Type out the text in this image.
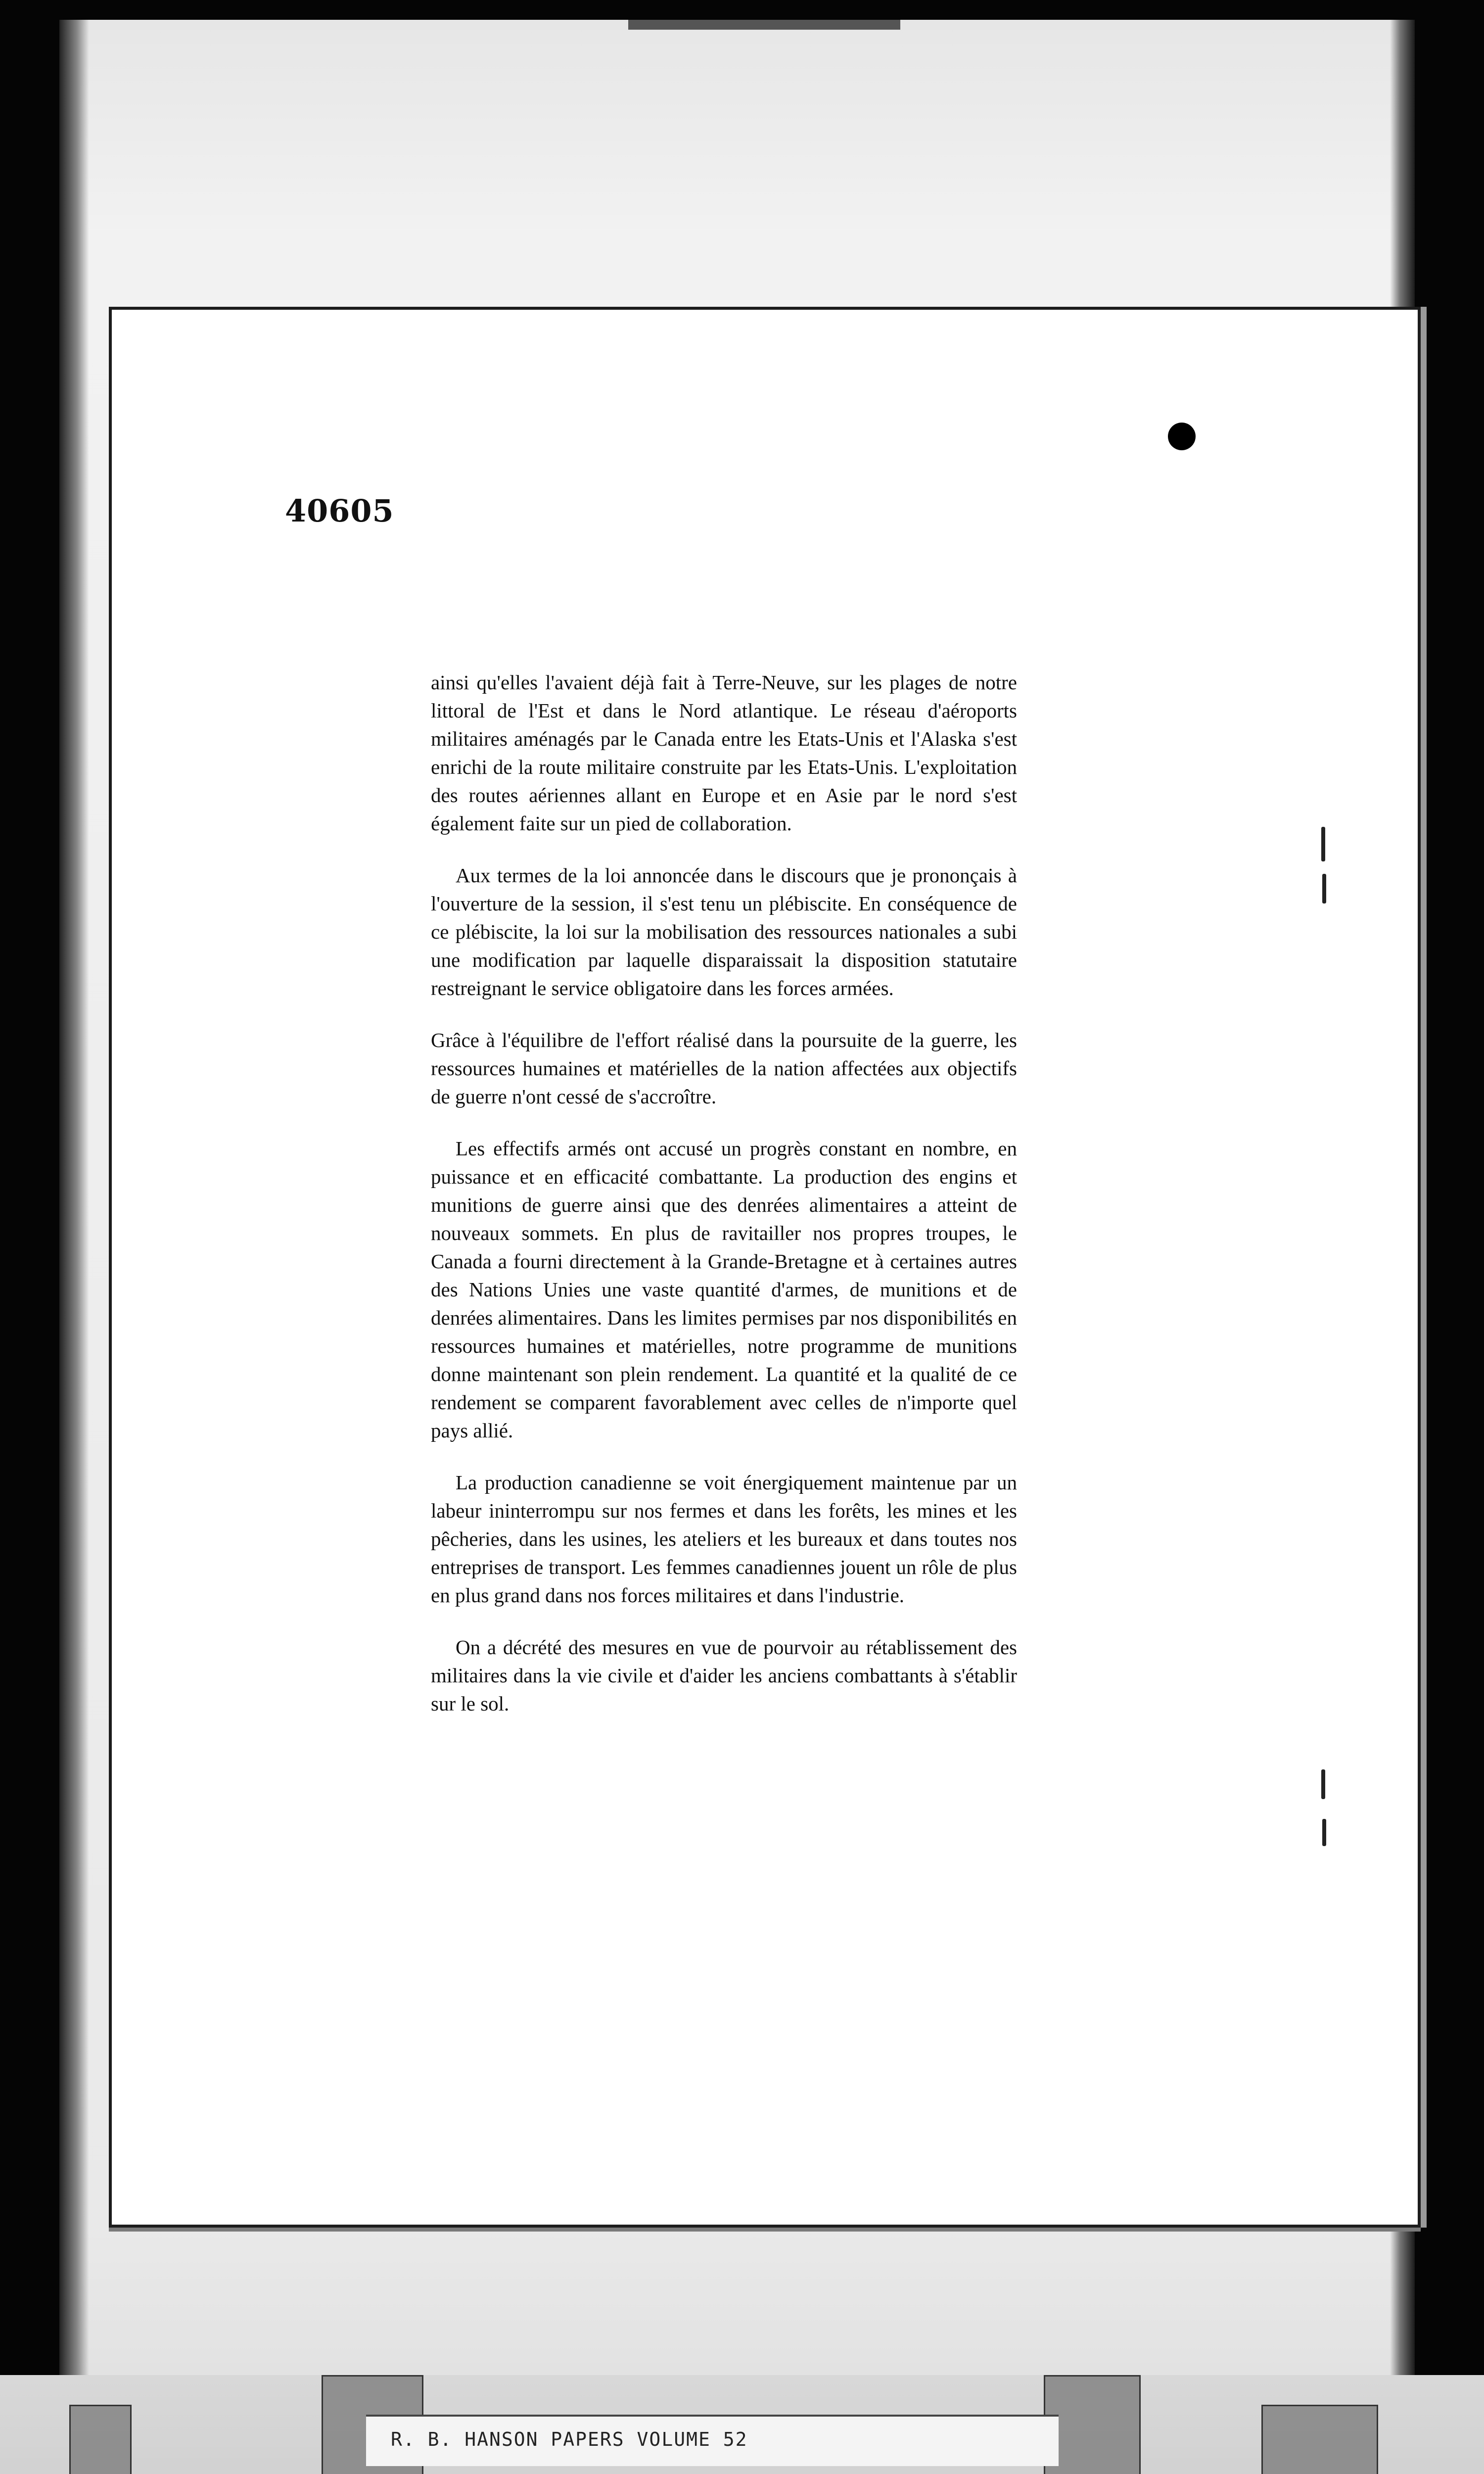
40605

ainsi qu'elles l'avaient déjà fait à Terre-Neuve, sur les plages de notre littoral de l'Est et dans le Nord atlantique. Le réseau d'aéroports militaires aménagés par le Canada entre les Etats-Unis et l'Alaska s'est enrichi de la route militaire construite par les Etats-Unis. L'exploitation des routes aériennes allant en Europe et en Asie par le nord s'est également faite sur un pied de collaboration.

Aux termes de la loi annoncée dans le discours que je prononçais à l'ouverture de la session, il s'est tenu un plébiscite. En conséquence de ce plébiscite, la loi sur la mobilisation des ressources nationales a subi une modification par laquelle disparaissait la disposition statutaire restreignant le service obligatoire dans les forces armées.

Grâce à l'équilibre de l'effort réalisé dans la poursuite de la guerre, les ressources humaines et matérielles de la nation affectées aux objectifs de guerre n'ont cessé de s'accroître.

Les effectifs armés ont accusé un progrès constant en nombre, en puissance et en efficacité combattante. La production des engins et munitions de guerre ainsi que des denrées alimentaires a atteint de nouveaux sommets. En plus de ravitailler nos propres troupes, le Canada a fourni directement à la Grande-Bretagne et à certaines autres des Nations Unies une vaste quantité d'armes, de munitions et de denrées alimentaires. Dans les limites permises par nos disponibilités en ressources humaines et matérielles, notre programme de munitions donne maintenant son plein rendement. La quantité et la qualité de ce rendement se comparent favorablement avec celles de n'importe quel pays allié.

La production canadienne se voit énergiquement maintenue par un labeur ininterrompu sur nos fermes et dans les forêts, les mines et les pêcheries, dans les usines, les ateliers et les bureaux et dans toutes nos entreprises de transport. Les femmes canadiennes jouent un rôle de plus en plus grand dans nos forces militaires et dans l'industrie.

On a décrété des mesures en vue de pourvoir au rétablissement des militaires dans la vie civile et d'aider les anciens combattants à s'établir sur le sol.

R. B. HANSON PAPERS VOLUME 52
